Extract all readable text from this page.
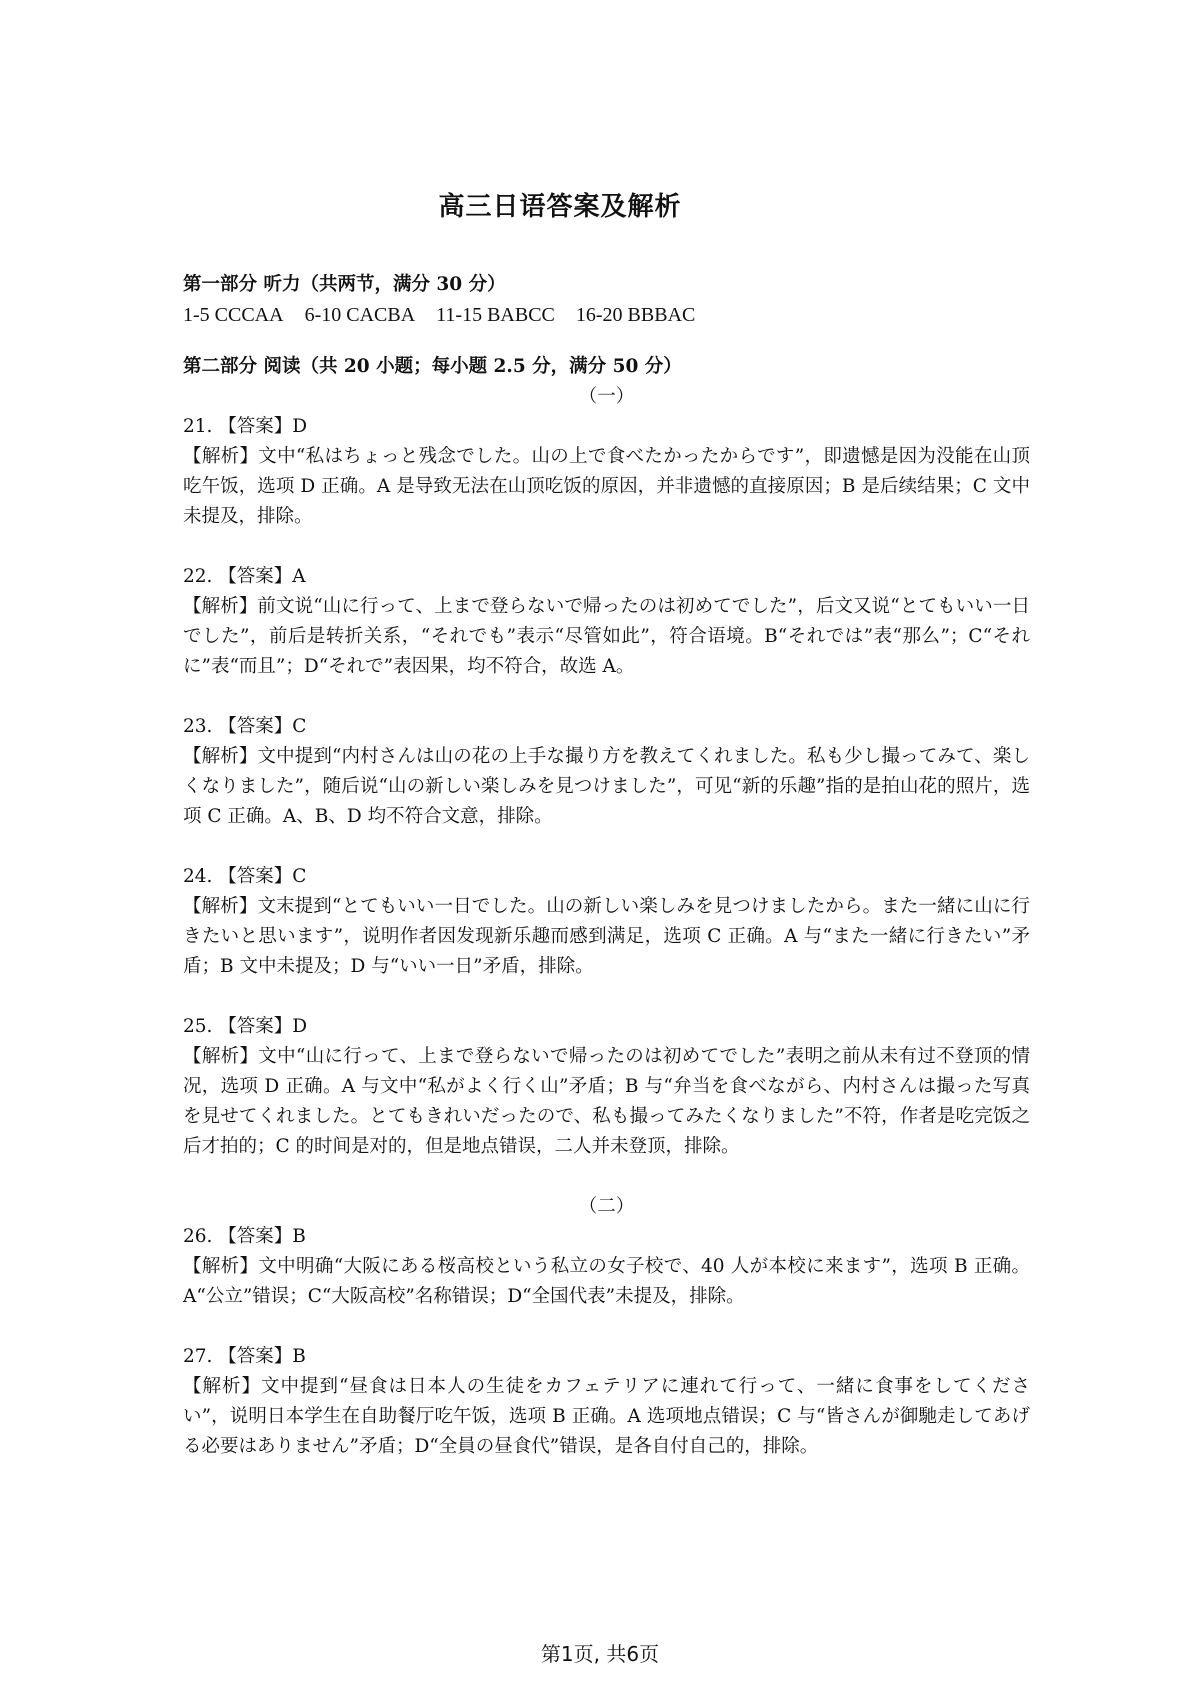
高三日语答案及解析
第一部分 听力（共两节，满分 30 分）
1-5 CCCAA 6-10 CACBA 11-15 BABCC 16-20 BBBAC
第二部分 阅读（共 20 小题；每小题 2.5 分，满分 50 分）
（一）
21. 【答案】D
【解析】文中“私はちょっと残念でした。山の上で食べたかったからです”，即遗憾是因为没能在山顶吃午饭，选项 D 正确。A 是导致无法在山顶吃饭的原因，并非遗憾的直接原因；B 是后续结果；C 文中未提及，排除。
22. 【答案】A
【解析】前文说“山に行って、上まで登らないで帰ったのは初めてでした”，后文又说“とてもいい一日でした”，前后是转折关系，“それでも”表示“尽管如此”，符合语境。B“それでは”表“那么”；C“それに”表“而且”；D“それで”表因果，均不符合，故选 A。
23. 【答案】C
【解析】文中提到“内村さんは山の花の上手な撮り方を教えてくれました。私も少し撮ってみて、楽しくなりました”，随后说“山の新しい楽しみを見つけました”，可见“新的乐趣”指的是拍山花的照片，选项 C 正确。A、B、D 均不符合文意，排除。
24. 【答案】C
【解析】文末提到“とてもいい一日でした。山の新しい楽しみを見つけましたから。また一緒に山に行きたいと思います”，说明作者因发现新乐趣而感到满足，选项 C 正确。A 与“また一緒に行きたい”矛盾；B 文中未提及；D 与“いい一日”矛盾，排除。
25. 【答案】D
【解析】文中“山に行って、上まで登らないで帰ったのは初めてでした”表明之前从未有过不登顶的情况，选项 D 正确。A 与文中“私がよく行く山”矛盾；B 与“弁当を食べながら、内村さんは撮った写真を見せてくれました。とてもきれいだったので、私も撮ってみたくなりました”不符，作者是吃完饭之后才拍的；C 的时间是对的，但是地点错误，二人并未登顶，排除。
（二）
26. 【答案】B
【解析】文中明确“大阪にある桜高校という私立の女子校で、40 人が本校に来ます”，选项 B 正确。A“公立”错误；C“大阪高校”名称错误；D“全国代表”未提及，排除。
27. 【答案】B
【解析】文中提到“昼食は日本人の生徒をカフェテリアに連れて行って、一緒に食事をしてください”，说明日本学生在自助餐厅吃午饭，选项 B 正确。A 选项地点错误；C 与“皆さんが御馳走してあげる必要はありません”矛盾；D“全員の昼食代”错误，是各自付自己的，排除。
第1页, 共6页
